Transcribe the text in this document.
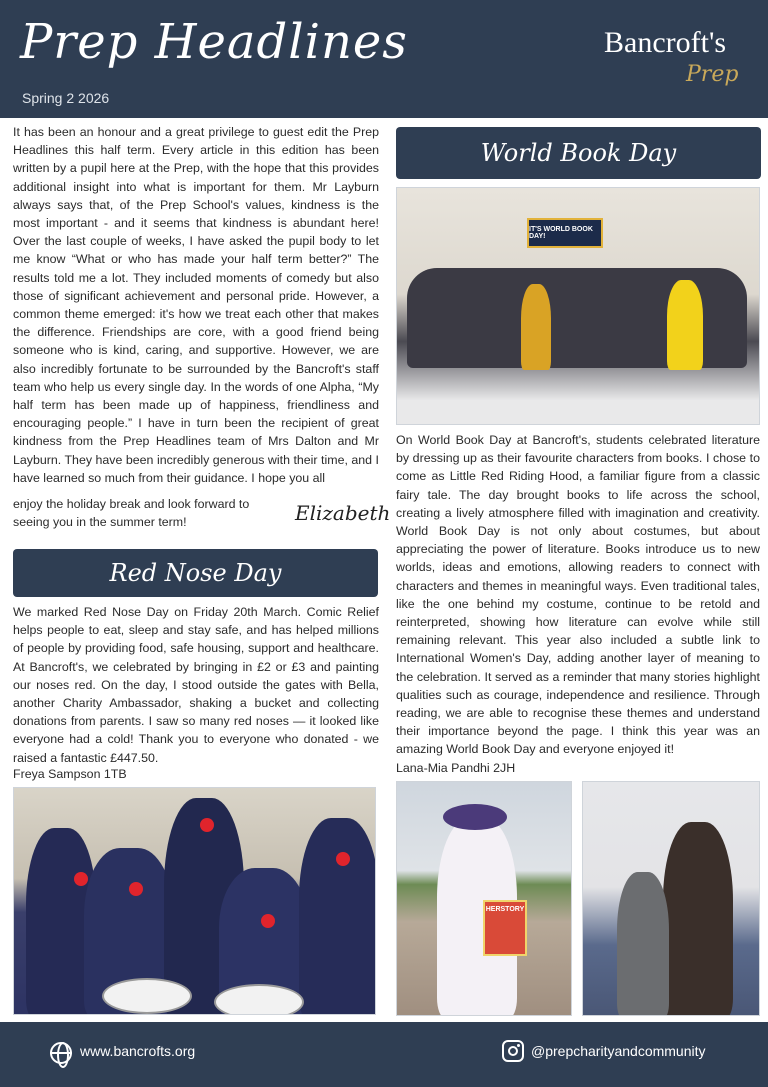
Prep Headlines
Spring 2 2026
Bancroft's
Prep
It has been an honour and a great privilege to guest edit the Prep Headlines this half term. Every article in this edition has been written by a pupil here at the Prep, with the hope that this provides additional insight into what is important for them. Mr Layburn always says that, of the Prep School's values, kindness is the most important - and it seems that kindness is abundant here! Over the last couple of weeks, I have asked the pupil body to let me know “What or who has made your half term better?” The results told me a lot. They included moments of comedy but also those of significant achievement and personal pride. However, a common theme emerged: it's how we treat each other that makes the difference. Friendships are core, with a good friend being someone who is kind, caring, and supportive. However, we are also incredibly fortunate to be surrounded by the Bancroft's staff team who help us every single day. In the words of one Alpha, “My half term has been made up of happiness, friendliness and encouraging people.” I have in turn been the recipient of great kindness from the Prep Headlines team of Mrs Dalton and Mr Layburn. They have been incredibly generous with their time, and I have learned so much from their guidance. I hope you all
enjoy the holiday break and look forward to seeing you in the summer term!	Elizabeth
Red Nose Day
We marked Red Nose Day on Friday 20th March. Comic Relief helps people to eat, sleep and stay safe, and has helped millions of people by providing food, safe housing, support and healthcare. At Bancroft's, we celebrated by bringing in £2 or £3 and painting our noses red. On the day, I stood outside the gates with Bella, another Charity Ambassador, shaking a bucket and collecting donations from parents. I saw so many red noses — it looked like everyone had a cold! Thank you to everyone who donated - we raised a fantastic £447.50.
Freya Sampson 1TB
World Book Day
IT'S WORLD BOOK DAY!
On World Book Day at Bancroft's, students celebrated literature by dressing up as their favourite characters from books. I chose to come as Little Red Riding Hood, a familiar figure from a classic fairy tale. The day brought books to life across the school, creating a lively atmosphere filled with imagination and creativity. World Book Day is not only about costumes, but about appreciating the power of literature. Books introduce us to new worlds, ideas and emotions, allowing readers to connect with characters and themes in meaningful ways. Even traditional tales, like the one behind my costume, continue to be retold and reinterpreted, showing how literature can evolve while still remaining relevant. This year also included a subtle link to International Women's Day, adding another layer of meaning to the celebration. It served as a reminder that many stories highlight qualities such as courage, independence and resilience. Through reading, we are able to recognise these themes and understand their importance beyond the page. I think this year was an amazing World Book Day and everyone enjoyed it!
Lana-Mia Pandhi 2JH
HERSTORY
www.bancrofts.org	@prepcharityandcommunity
